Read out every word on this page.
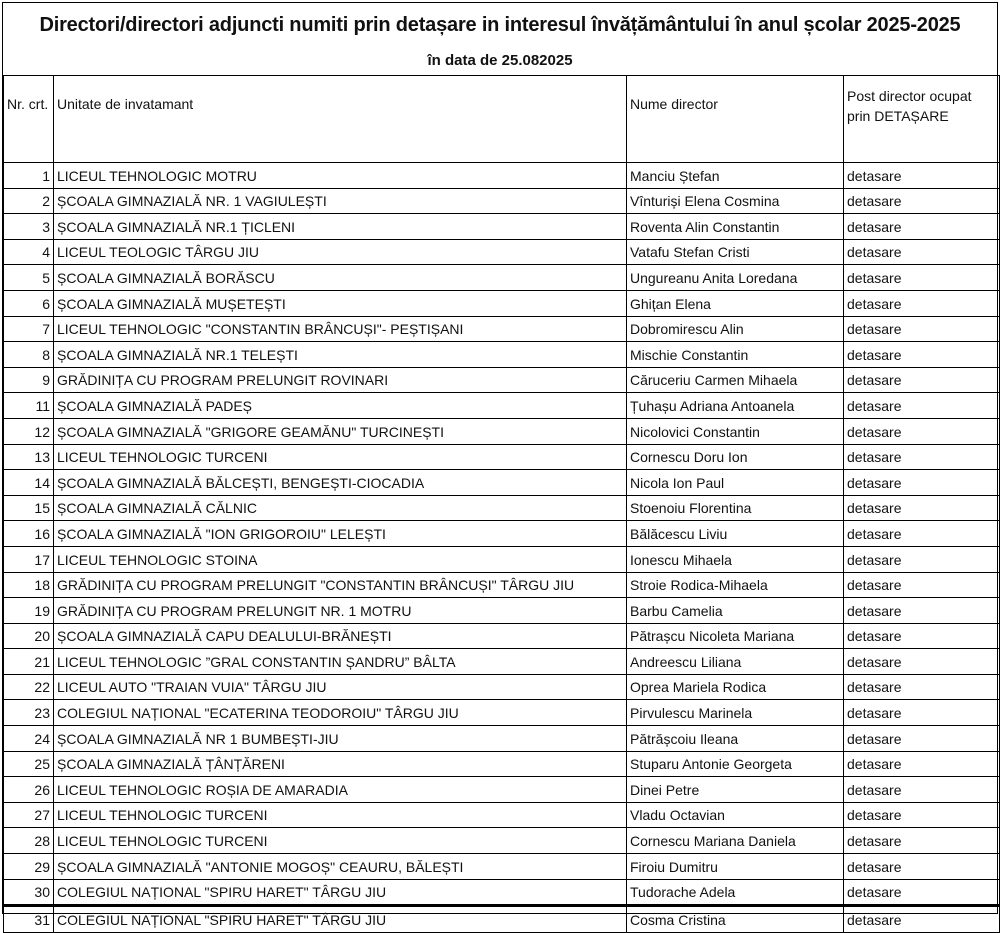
Directori/directori adjuncti numiti prin detașare in interesul învățământului în anul școlar 2025-2025
în data de 25.082025
Nr. crt.	Unitate de invatamant	Nume director	Post director ocupat prin DETAȘARE
1	LICEUL TEHNOLOGIC MOTRU	Manciu Ștefan	detasare
2	ȘCOALA GIMNAZIALĂ NR. 1 VAGIULEȘTI	Vînturiși Elena Cosmina	detasare
3	ȘCOALA GIMNAZIALĂ NR.1 ȚICLENI	Roventa Alin Constantin	detasare
4	LICEUL TEOLOGIC TÂRGU JIU	Vatafu Stefan Cristi	detasare
5	ȘCOALA GIMNAZIALĂ BORĂSCU	Ungureanu Anita Loredana	detasare
6	ȘCOALA GIMNAZIALĂ MUȘETEȘTI	Ghițan Elena	detasare
7	LICEUL TEHNOLOGIC "CONSTANTIN BRÂNCUȘI"- PEȘTIȘANI	Dobromirescu Alin	detasare
8	ȘCOALA GIMNAZIALĂ NR.1 TELEȘTI	Mischie Constantin	detasare
9	GRĂDINIȚA CU PROGRAM PRELUNGIT ROVINARI	Căruceriu Carmen Mihaela	detasare
11	ȘCOALA GIMNAZIALĂ PADEȘ	Țuhașu Adriana Antoanela	detasare
12	ȘCOALA GIMNAZIALĂ "GRIGORE GEAMĂNU" TURCINEȘTI	Nicolovici Constantin	detasare
13	LICEUL TEHNOLOGIC TURCENI	Cornescu Doru Ion	detasare
14	ȘCOALA GIMNAZIALĂ BĂLCEȘTI, BENGEȘTI-CIOCADIA	Nicola Ion Paul	detasare
15	ȘCOALA GIMNAZIALĂ CĂLNIC	Stoenoiu Florentina	detasare
16	ȘCOALA GIMNAZIALĂ "ION GRIGOROIU" LELEȘTI	Bălăcescu Liviu	detasare
17	LICEUL TEHNOLOGIC STOINA	Ionescu Mihaela	detasare
18	GRĂDINIȚA CU PROGRAM PRELUNGIT "CONSTANTIN BRÂNCUȘI" TÂRGU JIU	Stroie Rodica-Mihaela	detasare
19	GRĂDINIȚA CU PROGRAM PRELUNGIT NR. 1 MOTRU	Barbu Camelia	detasare
20	ȘCOALA GIMNAZIALĂ CAPU DEALULUI-BRĂNEȘTI	Pătrașcu Nicoleta Mariana	detasare
21	LICEUL TEHNOLOGIC ”GRAL CONSTANTIN ȘANDRU” BÂLTA	Andreescu Liliana	detasare
22	LICEUL AUTO "TRAIAN VUIA" TÂRGU JIU	Oprea Mariela Rodica	detasare
23	COLEGIUL NAȚIONAL "ECATERINA TEODOROIU" TÂRGU JIU	Pirvulescu Marinela	detasare
24	ȘCOALA GIMNAZIALĂ NR 1 BUMBEȘTI-JIU	Pătrășcoiu Ileana	detasare
25	ȘCOALA GIMNAZIALĂ ȚÂNȚĂRENI	Stuparu Antonie Georgeta	detasare
26	LICEUL TEHNOLOGIC ROȘIA DE AMARADIA	Dinei Petre	detasare
27	LICEUL TEHNOLOGIC TURCENI	Vladu Octavian	detasare
28	LICEUL TEHNOLOGIC TURCENI	Cornescu Mariana Daniela	detasare
29	ȘCOALA GIMNAZIALĂ "ANTONIE MOGOȘ" CEAURU, BĂLEȘTI	Firoiu Dumitru	detasare
30	COLEGIUL NAȚIONAL "SPIRU HARET" TÂRGU JIU	Tudorache Adela	detasare
31	COLEGIUL NAȚIONAL "SPIRU HARET" TÂRGU JIU	Cosma Cristina	detasare
